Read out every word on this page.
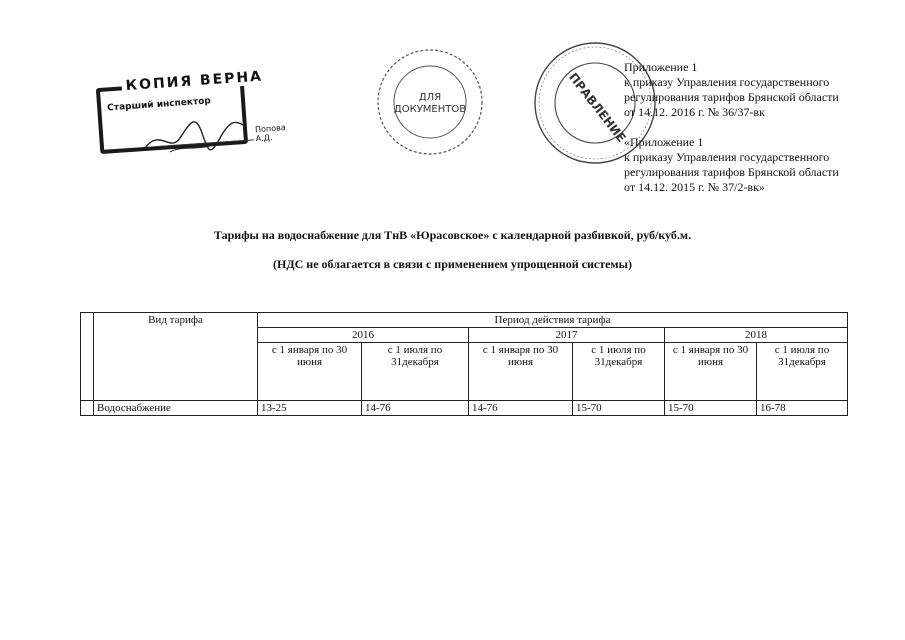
КОПИЯ ВЕРНА
Старший инспектор
Попова А.Д.
ДЛЯ
ДОКУМЕНТОВ	ПРАВЛЕНИЕ
Приложение 1
к приказу Управления государственного
регулирования тарифов Брянской области
от 14.12. 2016 г. № 36/37-вк
«Приложение 1
к приказу Управления государственного
регулирования тарифов Брянской области
от 14.12. 2015 г. № 37/2-вк»
Тарифы на водоснабжение для ТнВ «Юрасовское» с календарной разбивкой, руб/куб.м.
(НДС не облагается в связи с применением упрощенной системы)
	Вид тарифа	Период действия тарифа					
		2016		2017		2018	
		с 1 января по 30 июня	с 1 июля по 31декабря	с 1 января по 30 июня	с 1 июля по 31декабря	с 1 января по 30 июня	с 1 июля по 31декабря
	Водоснабжение	13-25	14-76	14-76	15-70	15-70	16-78
